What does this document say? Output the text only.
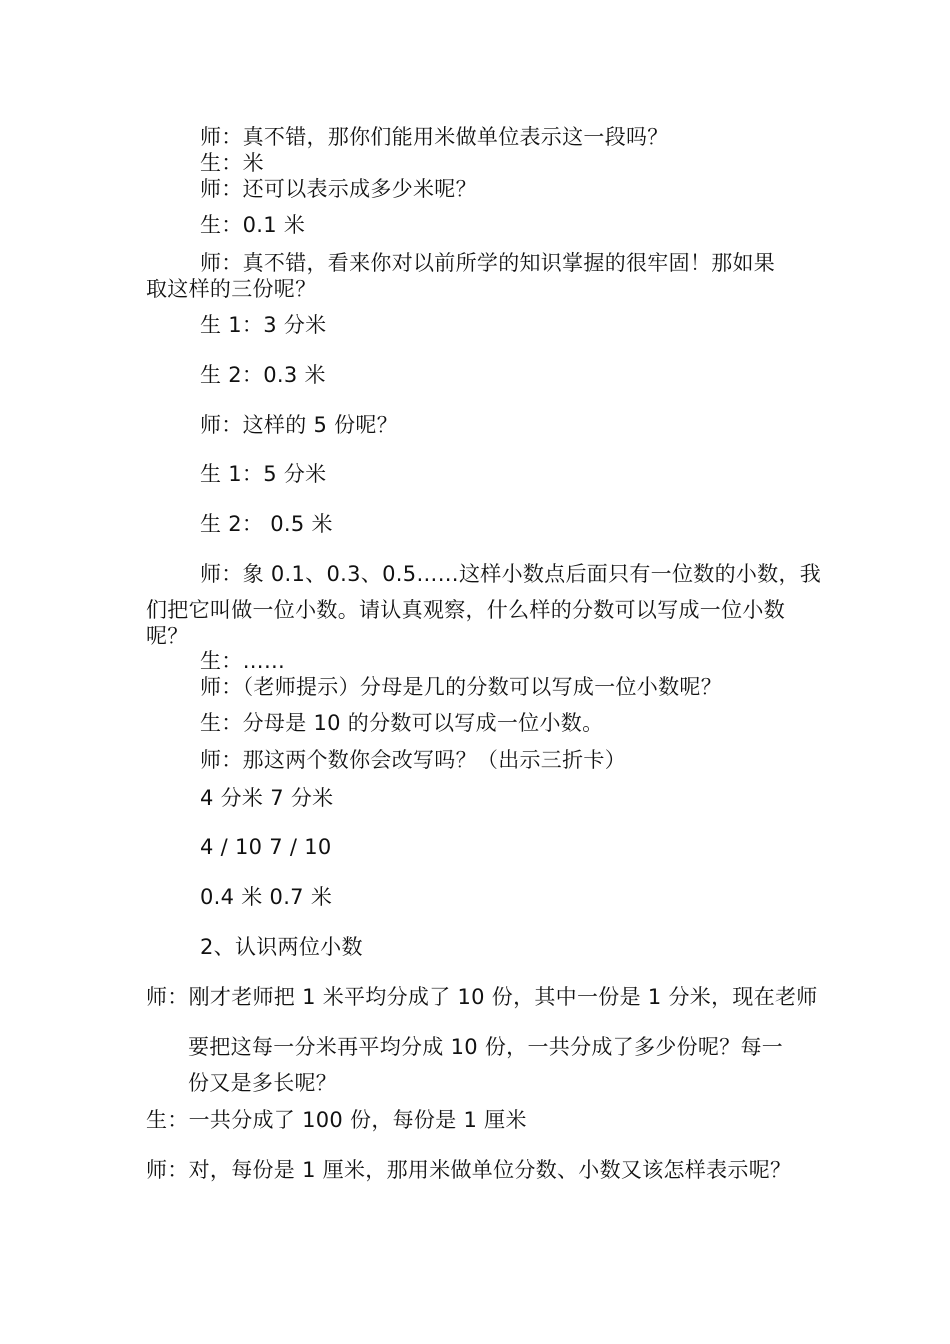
师：真不错，那你们能用米做单位表示这一段吗？
生：米
师：还可以表示成多少米呢？
生：0.1 米
师：真不错，看来你对以前所学的知识掌握的很牢固！那如果
取这样的三份呢？
生 1：3 分米
生 2：0.3 米
师：这样的 5 份呢？
生 1：5 分米
生 2： 0.5 米
师：象 0.1、0.3、0.5……这样小数点后面只有一位数的小数，我
们把它叫做一位小数。请认真观察，什么样的分数可以写成一位小数
呢？
生：……
师：（老师提示）分母是几的分数可以写成一位小数呢？
生：分母是 10 的分数可以写成一位小数。
师：那这两个数你会改写吗？（出示三折卡）
4 分米 7 分米
4 / 10 7 / 10
0.4 米 0.7 米
2、认识两位小数
师：刚才老师把 1 米平均分成了 10 份，其中一份是 1 分米，现在老师
要把这每一分米再平均分成 10 份，一共分成了多少份呢？每一
份又是多长呢？
生：一共分成了 100 份，每份是 1 厘米
师：对，每份是 1 厘米，那用米做单位分数、小数又该怎样表示呢？
